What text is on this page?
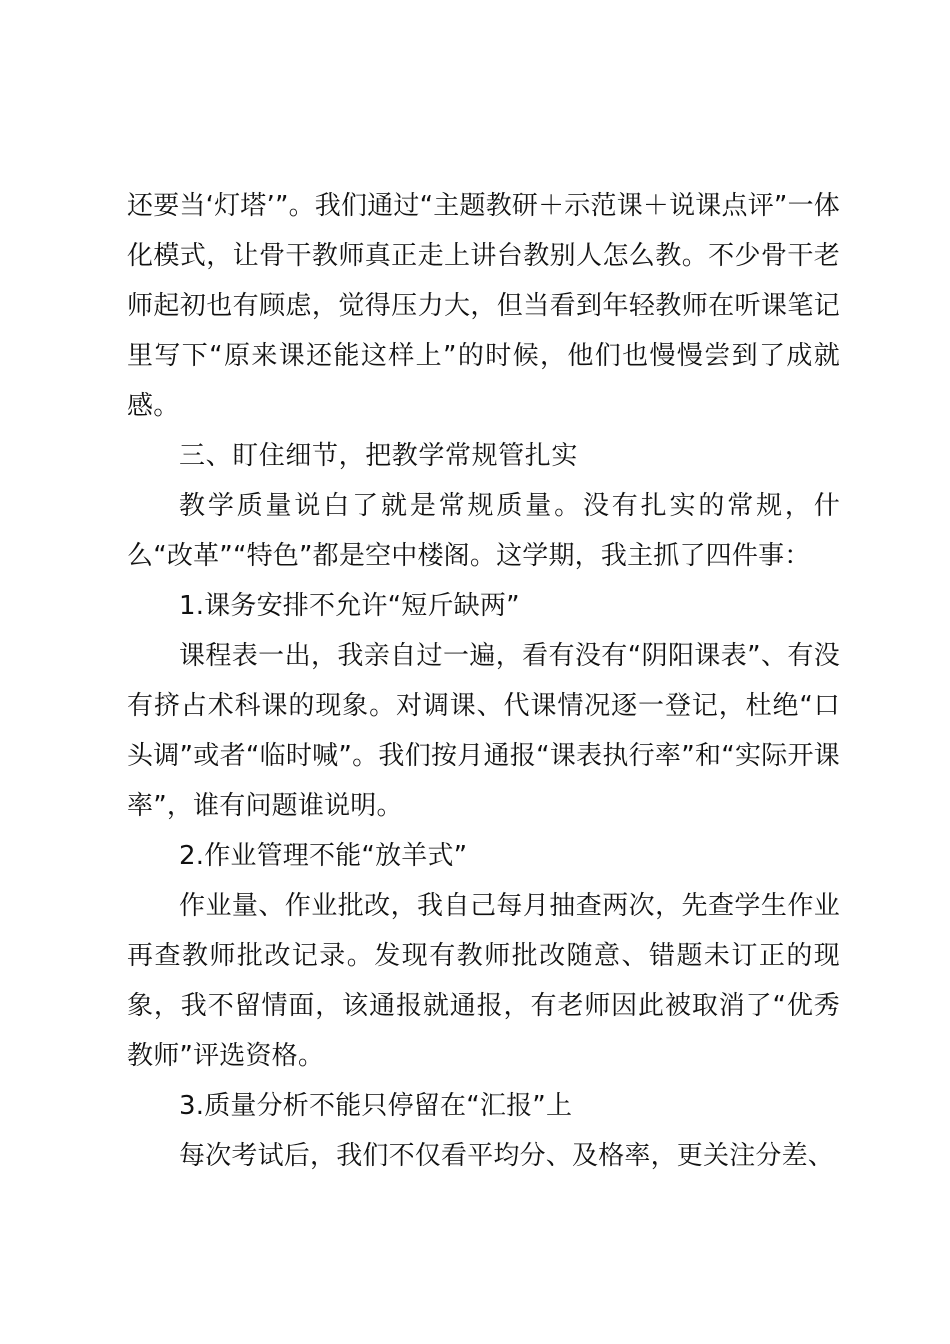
还要当‘灯塔’”。我们通过“主题教研＋示范课＋说课点评”一体化模式，让骨干教师真正走上讲台教别人怎么教。不少骨干老师起初也有顾虑，觉得压力大，但当看到年轻教师在听课笔记里写下“原来课还能这样上”的时候，他们也慢慢尝到了成就感。

三、盯住细节，把教学常规管扎实

教学质量说白了就是常规质量。没有扎实的常规，什么“改革”“特色”都是空中楼阁。这学期，我主抓了四件事：

1.课务安排不允许“短斤缺两”

课程表一出，我亲自过一遍，看有没有“阴阳课表”、有没有挤占术科课的现象。对调课、代课情况逐一登记，杜绝“口头调”或者“临时喊”。我们按月通报“课表执行率”和“实际开课率”，谁有问题谁说明。

2.作业管理不能“放羊式”

作业量、作业批改，我自己每月抽查两次，先查学生作业再查教师批改记录。发现有教师批改随意、错题未订正的现象，我不留情面，该通报就通报，有老师因此被取消了“优秀教师”评选资格。

3.质量分析不能只停留在“汇报”上

每次考试后，我们不仅看平均分、及格率，更关注分差、
